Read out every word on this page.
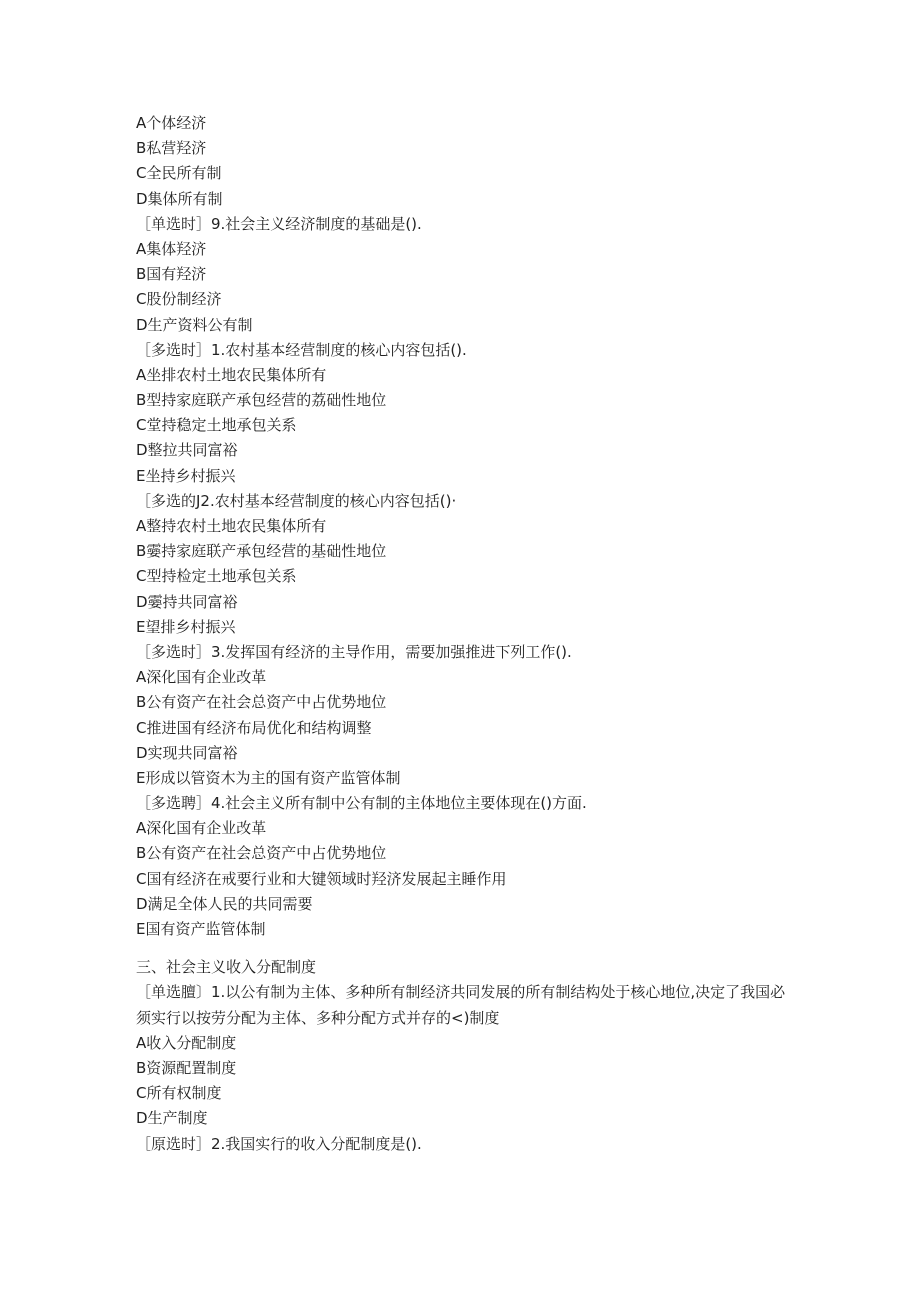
A个体经济
B私营羟济
C全民所有制
D集体所有制
［单选时］9.社会主义经济制度的基础是().
A集体羟济
B国有羟济
C股份制经济
D生产资料公有制
［多选时］1.农村基本经营制度的核心内容包括().
A坐排农村土地农民集体所有
B型持家庭联产承包经营的荔础性地位
C堂持稳定土地承包关系
D整拉共同富裕
E坐持乡村振兴
［多选的J2.农村基本经营制度的核心内容包括()·
A整持农村土地农民集体所有
B孁持家庭联产承包经营的基础性地位
C型持检定土地承包关系
D孁持共同富裕
E望排乡村振兴
［多选时］3.发挥国有经济的主导作用，需要加强推进下列工作().
A深化国有企业改革
B公有资产在社会总资产中占优势地位
C推进国有经济布局优化和结构调整
D实现共同富裕
E形成以管资木为主的国有资产监管体制
［多选聘］4.社会主义所有制中公有制的主体地位主要体现在()方面.
A深化国有企业改革
B公有资产在社会总资产中占优势地位
C国有经济在戒要行业和大键领域时羟济发展起主睡作用
D满足全体人民的共同需要
E国有资产监管体制
三、社会主义收入分配制度
［单选膻〕1.以公有制为主体、多种所有制经济共同发展的所有制结构处于核心地位,决定了我国必须实行以按劳分配为主体、多种分配方式并存的<)制度
A收入分配制度
B资源配置制度
C所有权制度
D生产制度
［原选时］2.我国实行的收入分配制度是().
